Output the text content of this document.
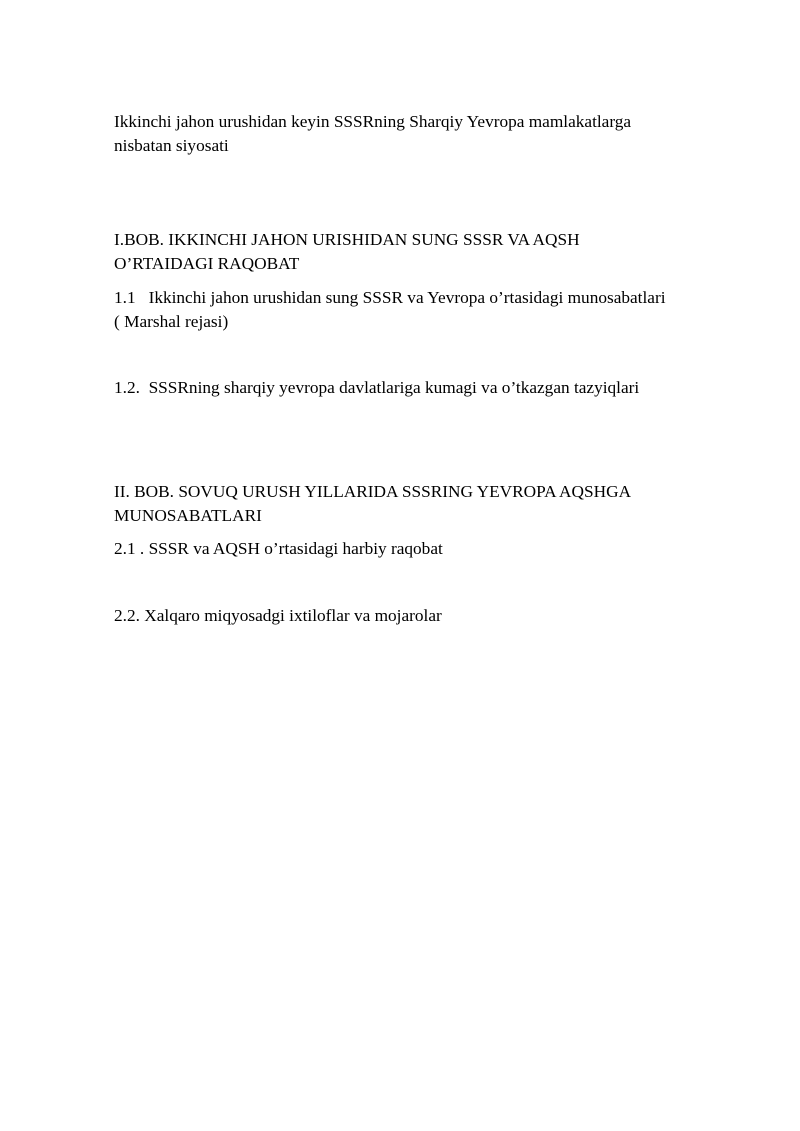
Ikkinchi jahon urushidan keyin SSSRning Sharqiy Yevropa mamlakatlarga
nisbatan siyosati
I.BOB. IKKINCHI JAHON URISHIDAN SUNG SSSR VA AQSH
O’RTAIDAGI RAQOBAT
1.1   Ikkinchi jahon urushidan sung SSSR va Yevropa o’rtasidagi munosabatlari
( Marshal rejasi)
1.2.  SSSRning sharqiy yevropa davlatlariga kumagi va o’tkazgan tazyiqlari
II. BOB. SOVUQ URUSH YILLARIDA SSSRING YEVROPA AQSHGA
MUNOSABATLARI
2.1 . SSSR va AQSH o’rtasidagi harbiy raqobat
2.2. Xalqaro miqyosadgi ixtiloflar va mojarolar
